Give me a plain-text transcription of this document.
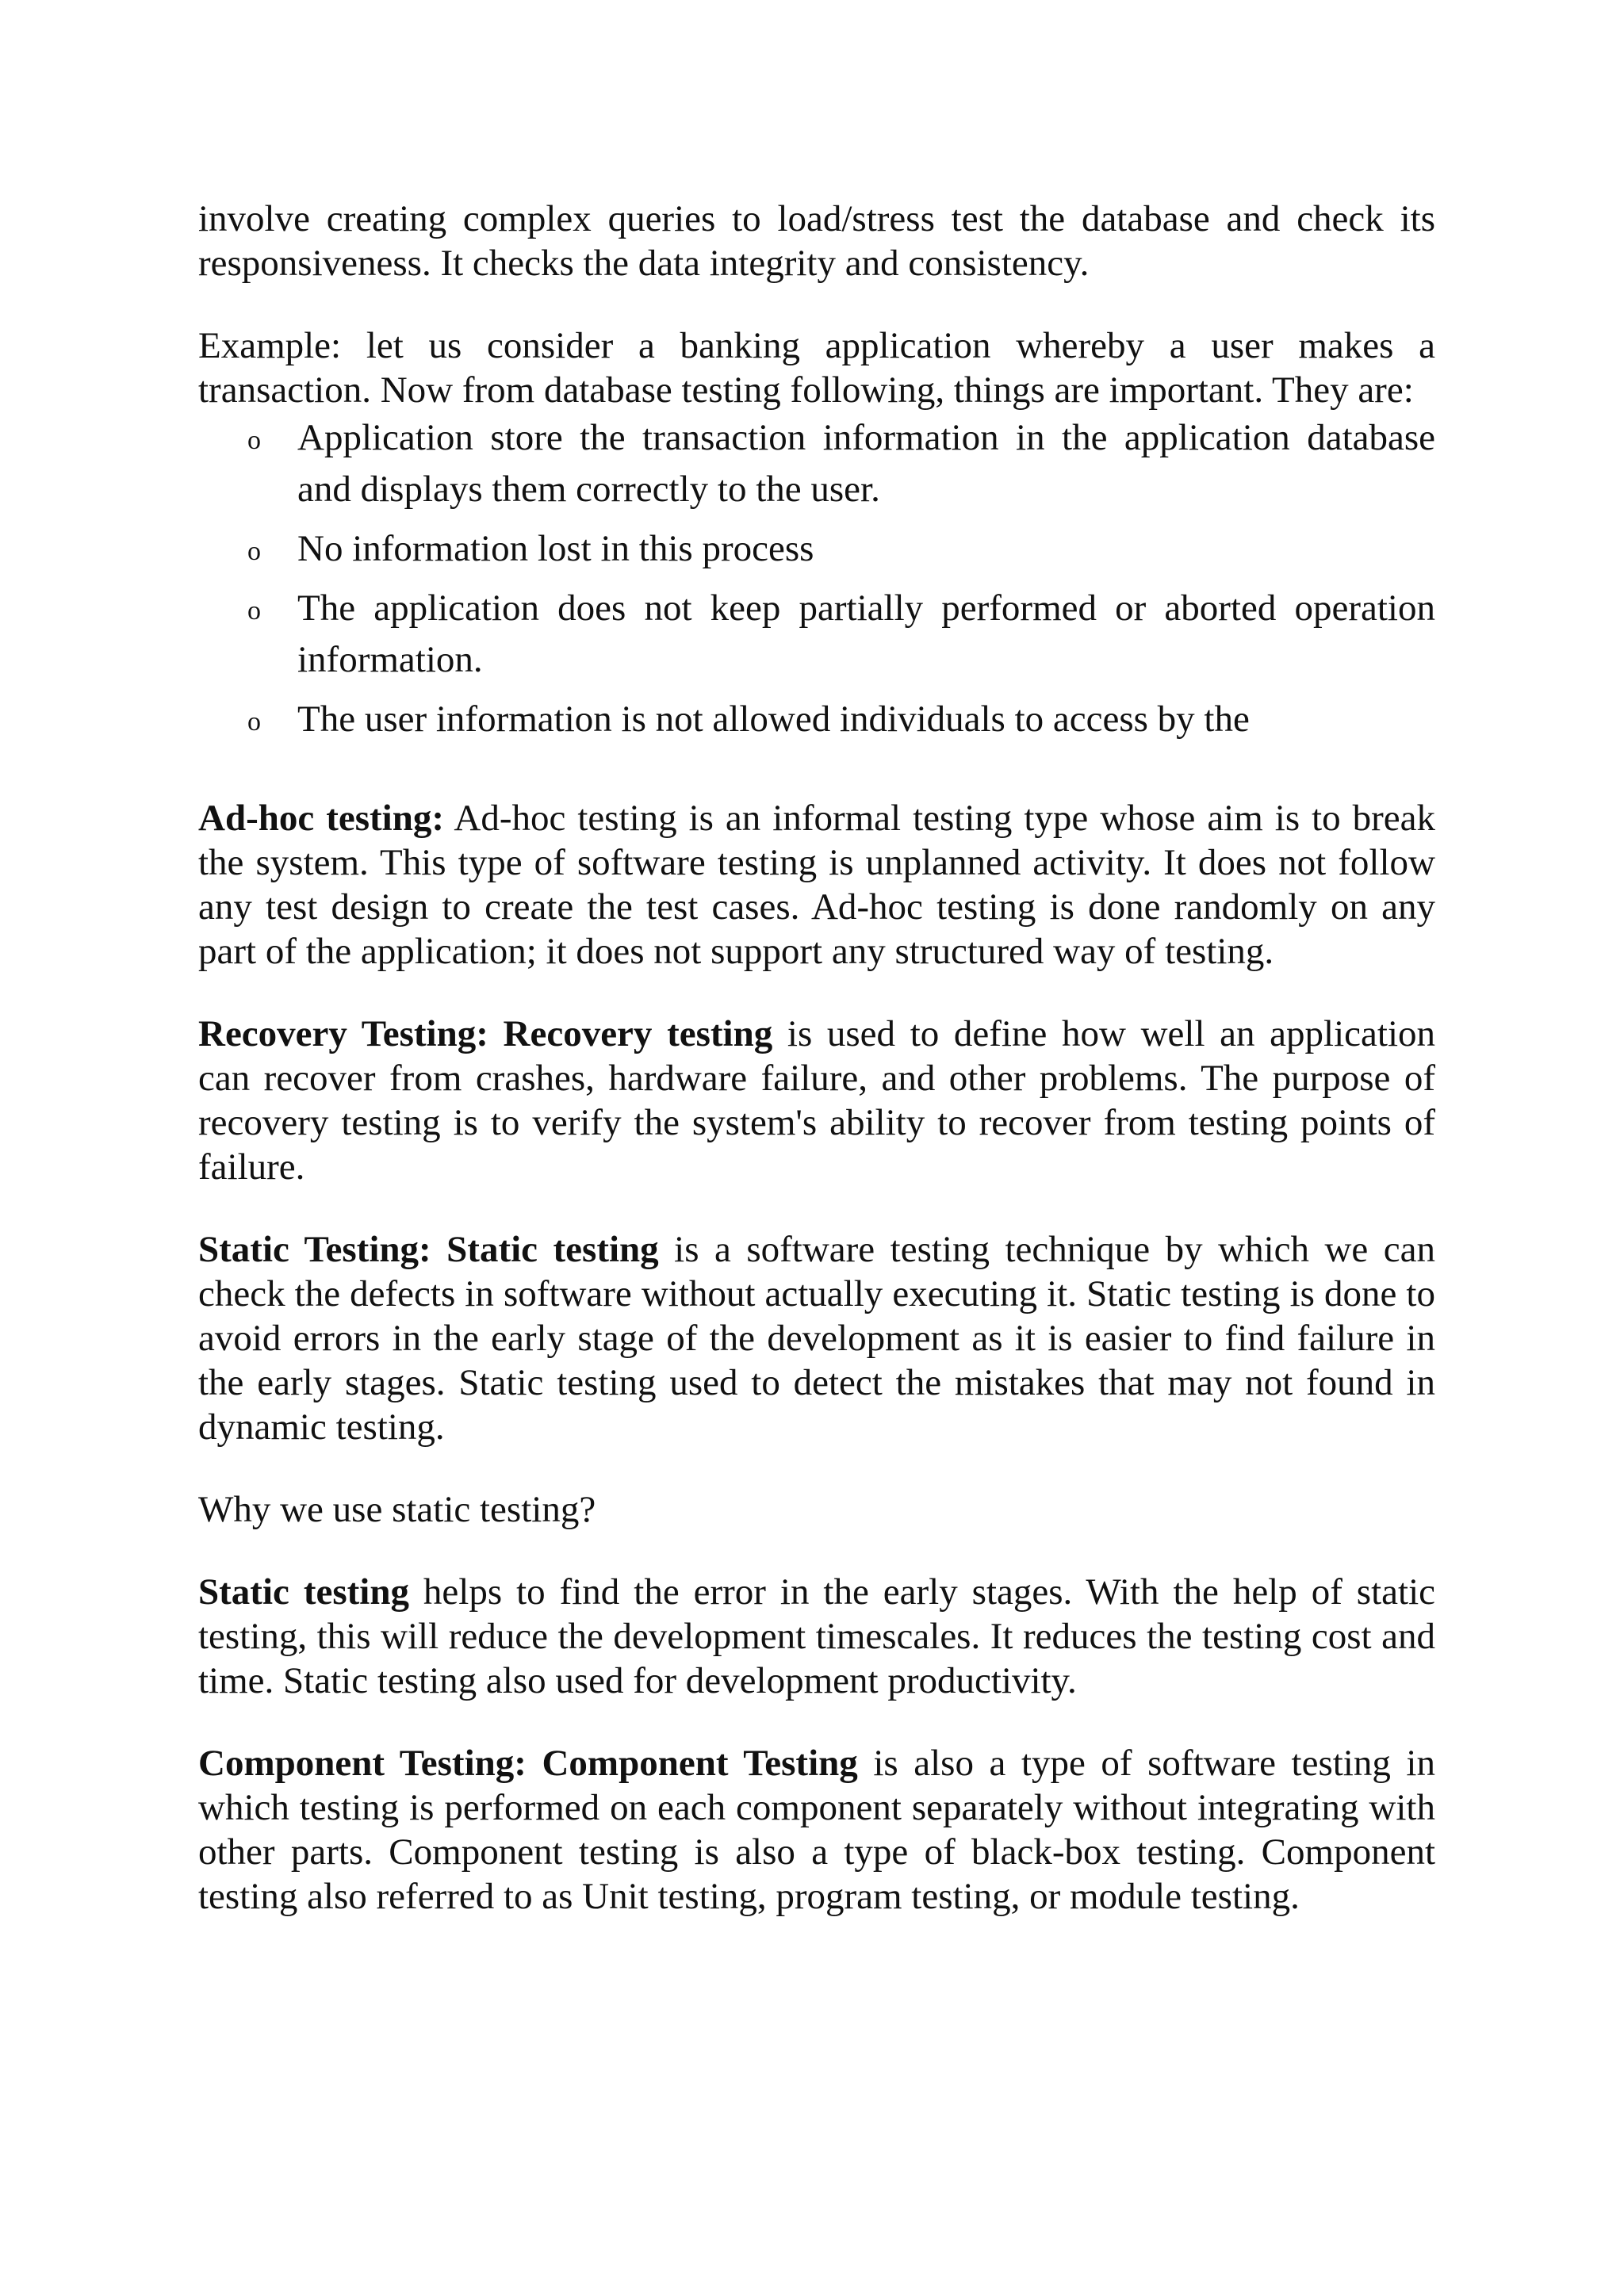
involve creating complex queries to load/stress test the database and check its responsiveness. It checks the data integrity and consistency.

Example: let us consider a banking application whereby a user makes a transaction. Now from database testing following, things are important. They are:

o Application store the transaction information in the application database and displays them correctly to the user.
o No information lost in this process
o The application does not keep partially performed or aborted operation information.
o The user information is not allowed individuals to access by the

Ad-hoc testing: Ad-hoc testing is an informal testing type whose aim is to break the system. This type of software testing is unplanned activity. It does not follow any test design to create the test cases. Ad-hoc testing is done randomly on any part of the application; it does not support any structured way of testing.

Recovery Testing: Recovery testing is used to define how well an application can recover from crashes, hardware failure, and other problems. The purpose of recovery testing is to verify the system's ability to recover from testing points of failure.

Static Testing: Static testing is a software testing technique by which we can check the defects in software without actually executing it. Static testing is done to avoid errors in the early stage of the development as it is easier to find failure in the early stages. Static testing used to detect the mistakes that may not found in dynamic testing.

Why we use static testing?

Static testing helps to find the error in the early stages. With the help of static testing, this will reduce the development timescales. It reduces the testing cost and time. Static testing also used for development productivity.

Component Testing: Component Testing is also a type of software testing in which testing is performed on each component separately without integrating with other parts. Component testing is also a type of black-box testing. Component testing also referred to as Unit testing, program testing, or module testing.
